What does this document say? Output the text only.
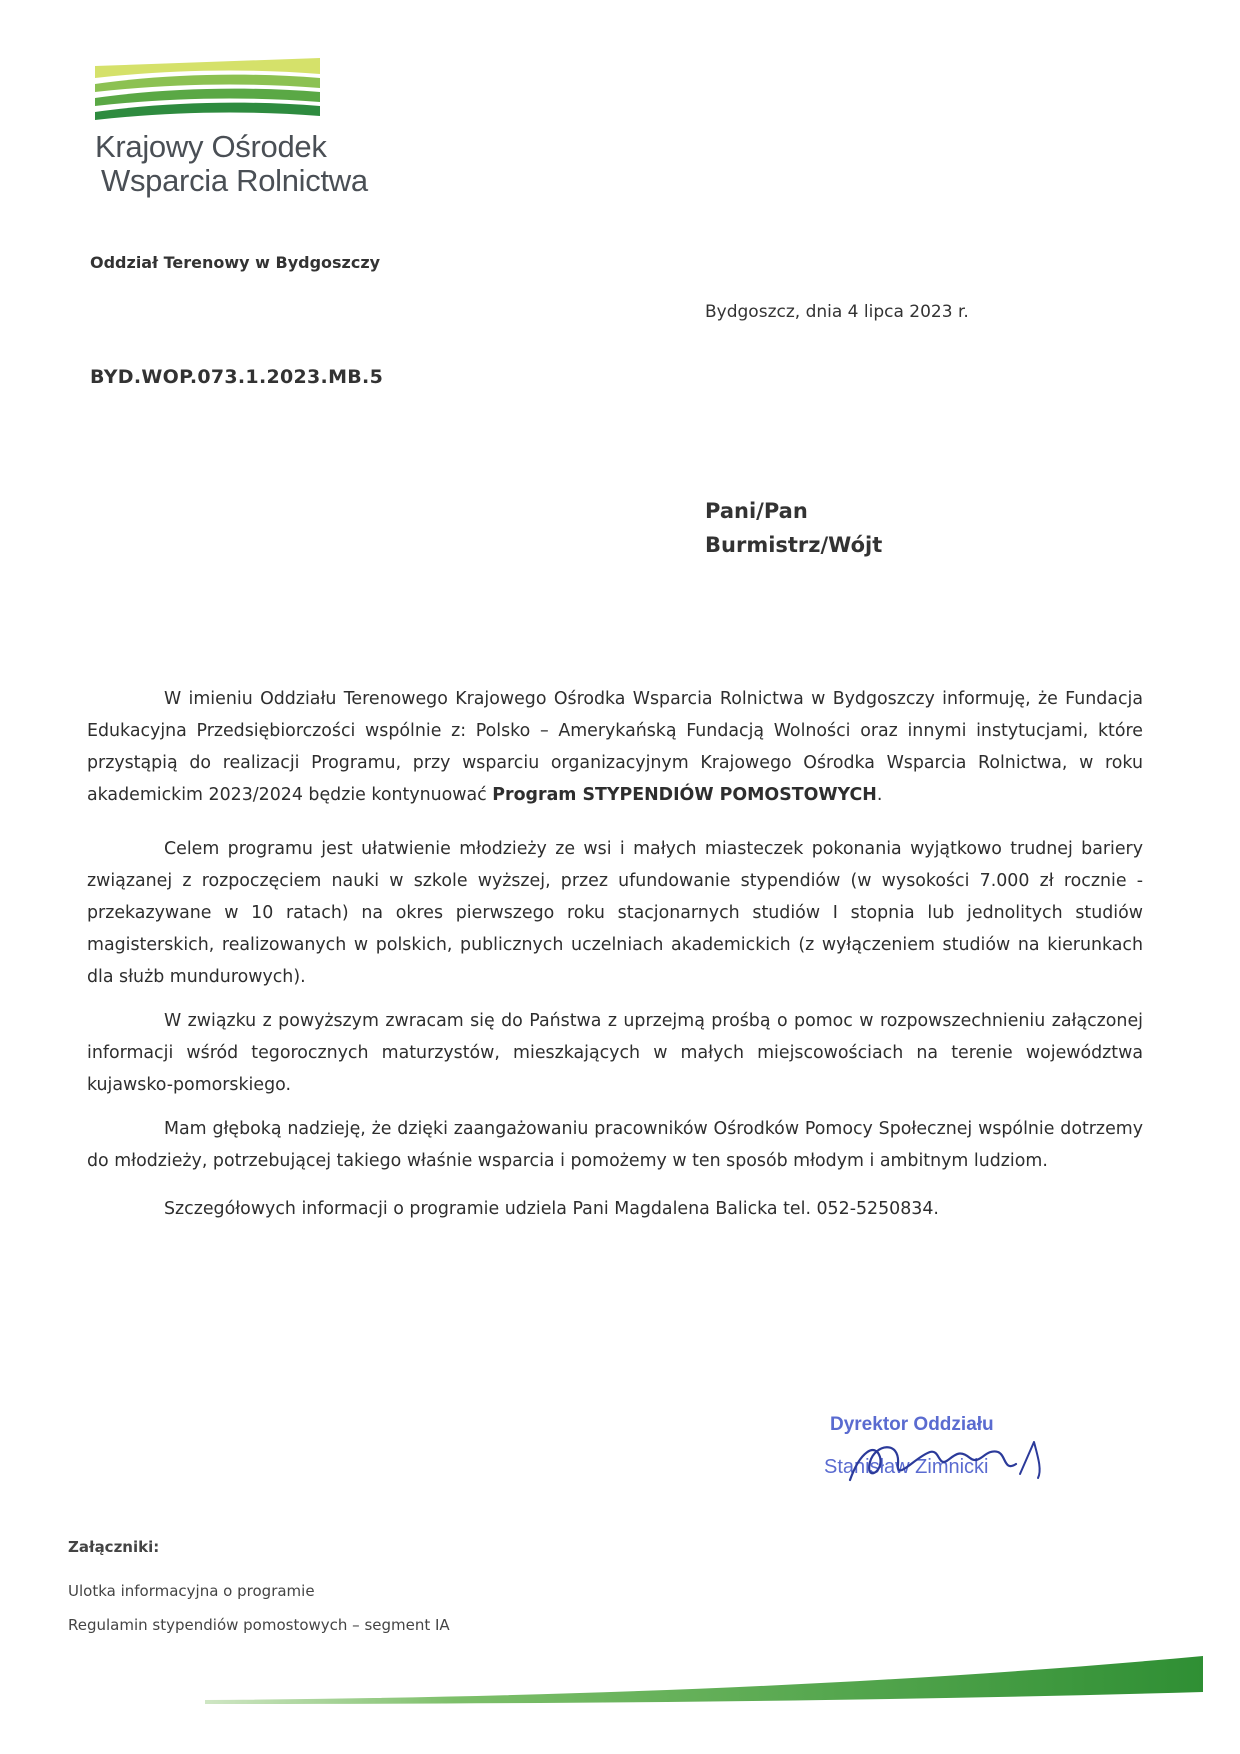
Krajowy Ośrodek
Wsparcia Rolnictwa
Oddział Terenowy w Bydgoszczy
Bydgoszcz, dnia 4 lipca 2023 r.
BYD.WOP.073.1.2023.MB.5
Pani/Pan
Burmistrz/Wójt

W imieniu Oddziału Terenowego Krajowego Ośrodka Wsparcia Rolnictwa w Bydgoszczy informuję, że Fundacja Edukacyjna Przedsiębiorczości wspólnie z: Polsko – Amerykańską Fundacją Wolności oraz innymi instytucjami, które przystąpią do realizacji Programu, przy wsparciu organizacyjnym Krajowego Ośrodka Wsparcia Rolnictwa, w roku akademickim 2023/2024 będzie kontynuować Program STYPENDIÓW POMOSTOWYCH.

Celem programu jest ułatwienie młodzieży ze wsi i małych miasteczek pokonania wyjątkowo trudnej bariery związanej z rozpoczęciem nauki w szkole wyższej, przez ufundowanie stypendiów (w wysokości 7.000 zł rocznie - przekazywane w 10 ratach) na okres pierwszego roku stacjonarnych studiów I stopnia lub jednolitych studiów magisterskich, realizowanych w polskich, publicznych uczelniach akademickich (z wyłączeniem studiów na kierunkach dla służb mundurowych).

W związku z powyższym zwracam się do Państwa z uprzejmą prośbą o pomoc w rozpowszechnieniu załączonej informacji wśród tegorocznych maturzystów, mieszkających w małych miejscowościach na terenie województwa kujawsko-pomorskiego.

Mam głęboką nadzieję, że dzięki zaangażowaniu pracowników Ośrodków Pomocy Społecznej wspólnie dotrzemy do młodzieży, potrzebującej takiego właśnie wsparcia i pomożemy w ten sposób młodym i ambitnym ludziom.

Szczegółowych informacji o programie udziela Pani Magdalena Balicka tel. 052-5250834.

Dyrektor Oddziału
Stanisław Zimnicki
Załączniki:
Ulotka informacyjna o programie
Regulamin stypendiów pomostowych – segment IA
